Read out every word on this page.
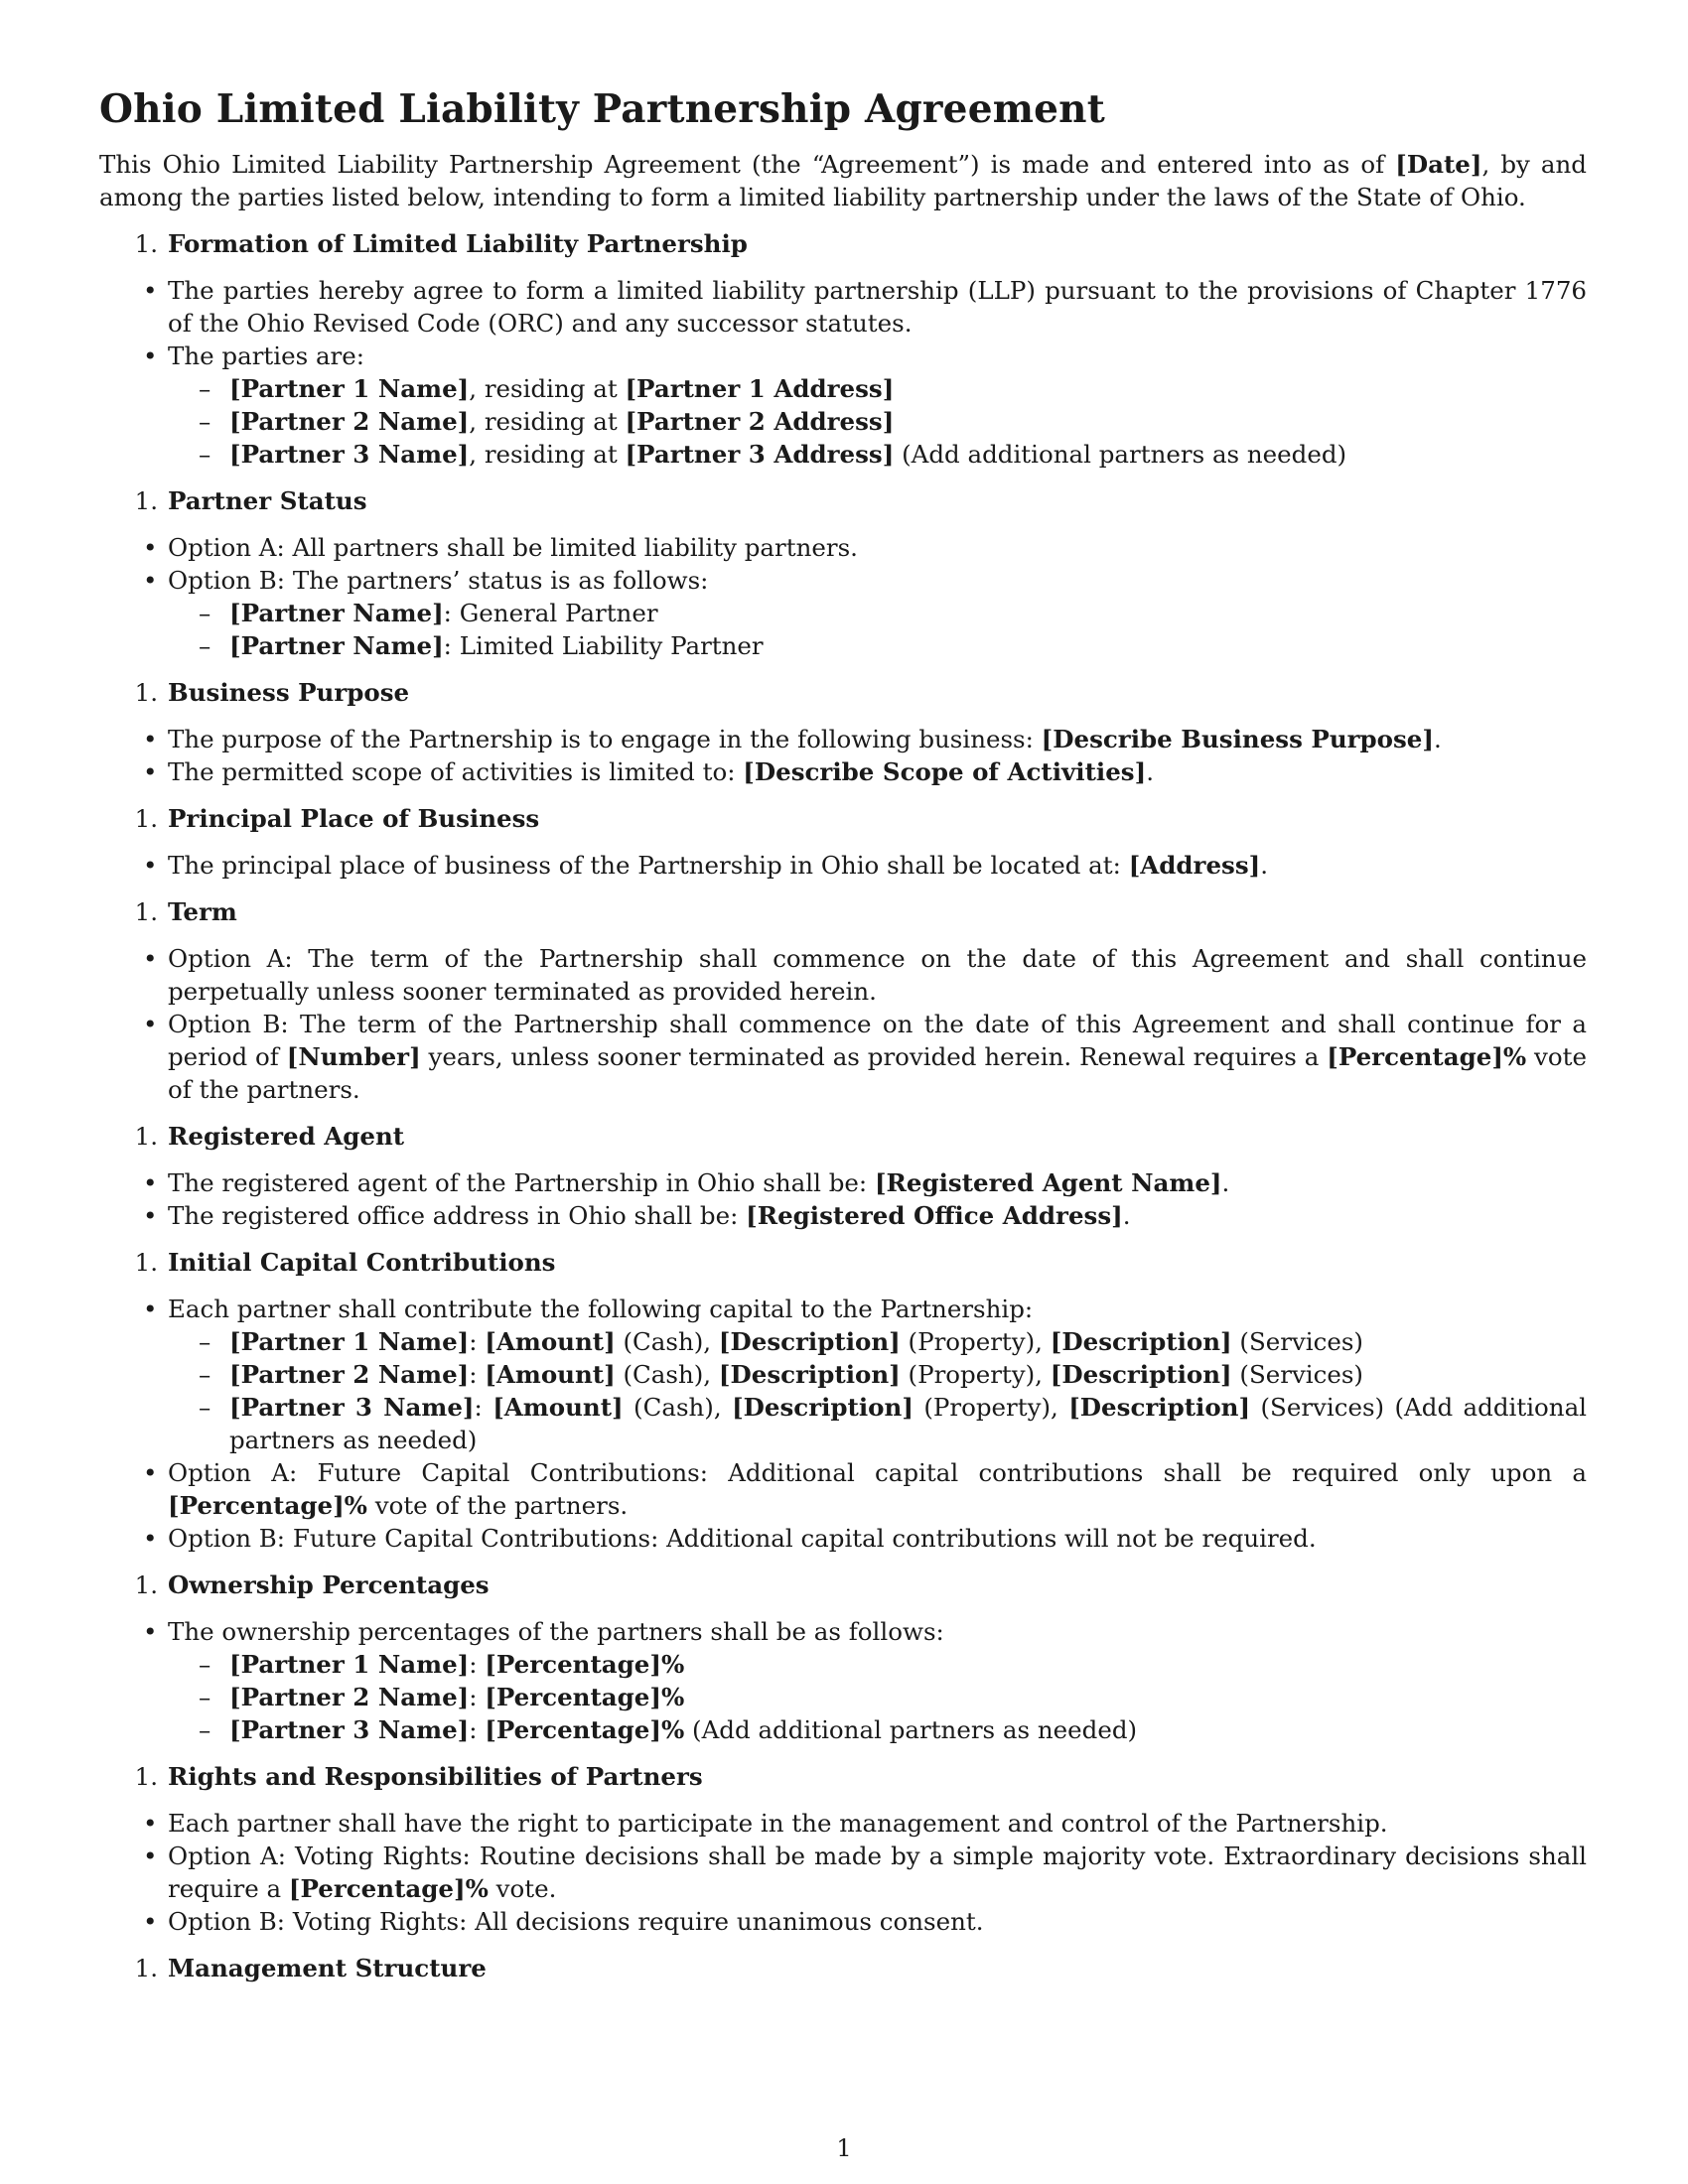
Ohio Limited Liability Partnership Agreement

This Ohio Limited Liability Partnership Agreement (the “Agreement”) is made and entered into as of [Date], by and among the parties listed below, intending to form a limited liability partnership under the laws of the State of Ohio.

1. Formation of Limited Liability Partnership
• The parties hereby agree to form a limited liability partnership (LLP) pursuant to the provisions of Chapter 1776 of the Ohio Revised Code (ORC) and any successor statutes.
• The parties are:
– [Partner 1 Name], residing at [Partner 1 Address]
– [Partner 2 Name], residing at [Partner 2 Address]
– [Partner 3 Name], residing at [Partner 3 Address] (Add additional partners as needed)
1. Partner Status
• Option A: All partners shall be limited liability partners.
• Option B: The partners’ status is as follows:
– [Partner Name]: General Partner
– [Partner Name]: Limited Liability Partner
1. Business Purpose
• The purpose of the Partnership is to engage in the following business: [Describe Business Purpose].
• The permitted scope of activities is limited to: [Describe Scope of Activities].
1. Principal Place of Business
• The principal place of business of the Partnership in Ohio shall be located at: [Address].
1. Term
• Option A: The term of the Partnership shall commence on the date of this Agreement and shall continue perpetually unless sooner terminated as provided herein.
• Option B: The term of the Partnership shall commence on the date of this Agreement and shall continue for a period of [Number] years, unless sooner terminated as provided herein. Renewal requires a [Percentage]% vote of the partners.
1. Registered Agent
• The registered agent of the Partnership in Ohio shall be: [Registered Agent Name].
• The registered office address in Ohio shall be: [Registered Office Address].
1. Initial Capital Contributions
• Each partner shall contribute the following capital to the Partnership:
– [Partner 1 Name]: [Amount] (Cash), [Description] (Property), [Description] (Services)
– [Partner 2 Name]: [Amount] (Cash), [Description] (Property), [Description] (Services)
– [Partner 3 Name]: [Amount] (Cash), [Description] (Property), [Description] (Services) (Add additional partners as needed)
• Option A: Future Capital Contributions: Additional capital contributions shall be required only upon a [Percentage]% vote of the partners.
• Option B: Future Capital Contributions: Additional capital contributions will not be required.
1. Ownership Percentages
• The ownership percentages of the partners shall be as follows:
– [Partner 1 Name]: [Percentage]%
– [Partner 2 Name]: [Percentage]%
– [Partner 3 Name]: [Percentage]% (Add additional partners as needed)
1. Rights and Responsibilities of Partners
• Each partner shall have the right to participate in the management and control of the Partnership.
• Option A: Voting Rights: Routine decisions shall be made by a simple majority vote. Extraordinary decisions shall require a [Percentage]% vote.
• Option B: Voting Rights: All decisions require unanimous consent.
1. Management Structure
1
